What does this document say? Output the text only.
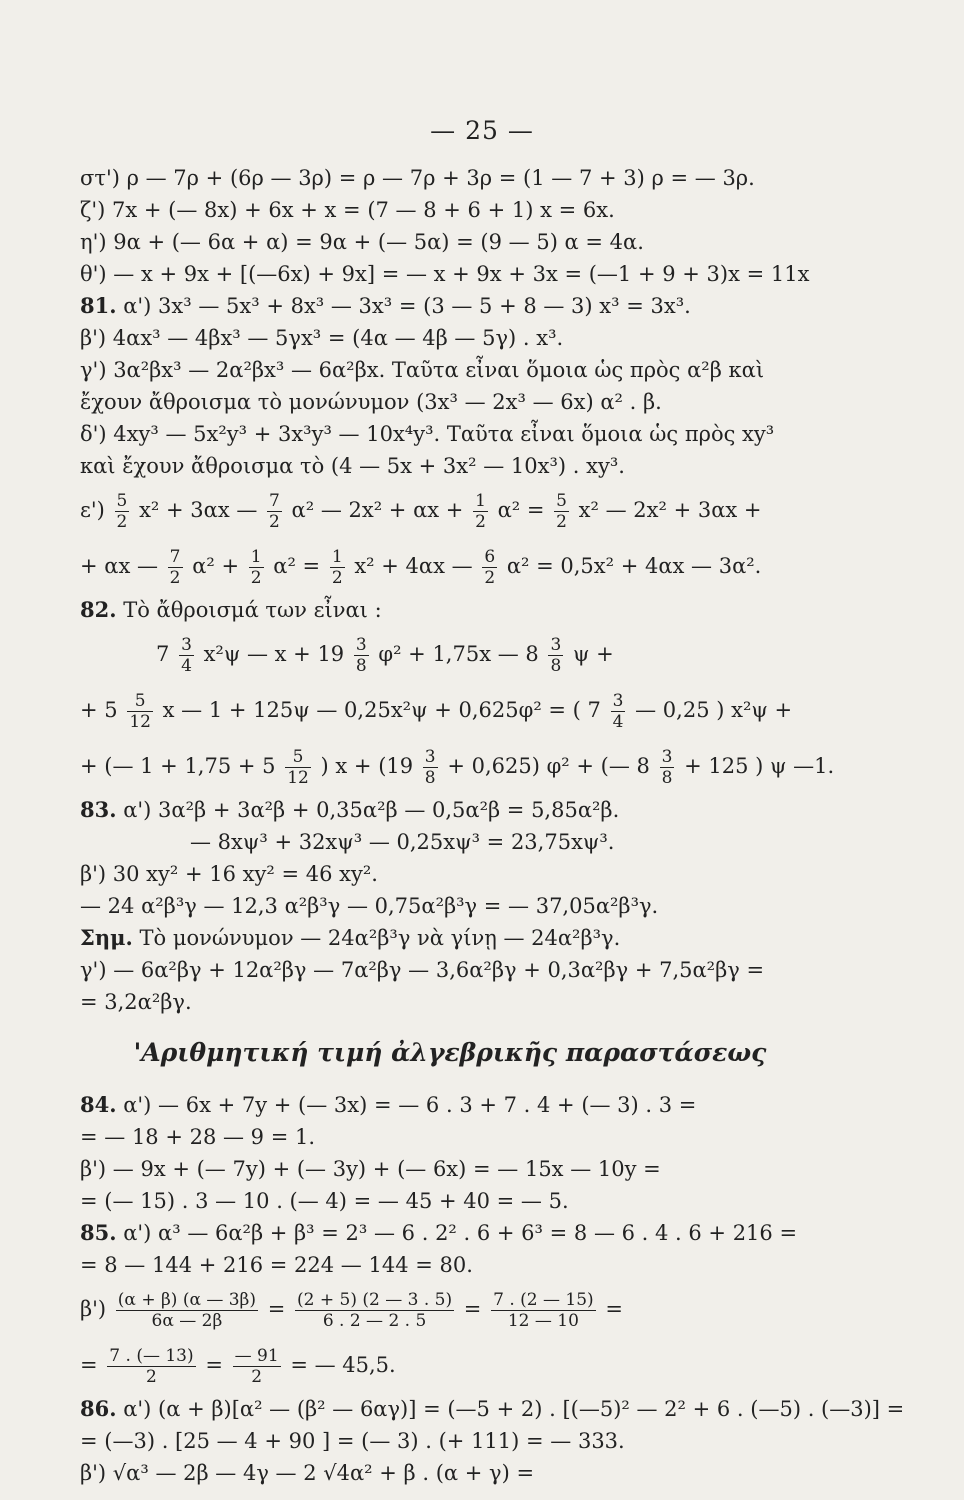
— 25 —
στ') ρ — 7ρ + (6ρ — 3ρ) = ρ — 7ρ + 3ρ = (1 — 7 + 3) ρ = — 3ρ.
ζ') 7x + (— 8x) + 6x + x = (7 — 8 + 6 + 1) x = 6x.
η') 9α + (— 6α + α) = 9α + (— 5α) = (9 — 5) α = 4α.
θ') — x + 9x + [(—6x) + 9x] = — x + 9x + 3x = (—1 + 9 + 3)x = 11x
81. α') 3x³ — 5x³ + 8x³ — 3x³ = (3 — 5 + 8 — 3) x³ = 3x³.
β') 4αx³ — 4βx³ — 5γx³ = (4α — 4β — 5γ) . x³.
γ') 3α²βx³ — 2α²βx³ — 6α²βx. Ταῦτα εἶναι ὅμοια ὡς πρὸς α²β καὶ
ἔχουν ἄθροισμα τὸ μονώνυμον (3x³ — 2x³ — 6x) α² . β.
δ') 4xy³ — 5x²y³ + 3x³y³ — 10x⁴y³. Ταῦτα εἶναι ὅμοια ὡς πρὸς xy³
καὶ ἔχουν ἄθροισμα τὸ (4 — 5x + 3x² — 10x³) . xy³.
$\varepsilon') \frac{5}{2} x^2 + 3\alpha x$ — $\frac{7}{2} \alpha^2$ — $2x^2 + \alpha x + \frac{1}{2} \alpha^2 = \frac{5}{2} x^2$ — 2x² + 3αx +
+ αx — $\frac{7}{2} \alpha^2 + \frac{1}{2} \alpha^2 = \frac{1}{2} x^2 + 4\alpha x$ — $\frac{6}{2} \alpha^2 = 0,5x^2 + 4\alpha x$ — 3α².
82. Τὸ ἄθροισμά των εἶναι :
$7 \frac{3}{4} x^2\psi$ — $x + 19 \frac{3}{8} \varphi^2 + 1,75x$ — $8 \frac{3}{8}$ ψ +
+ $5 \frac{5}{12}$ x — 1 + 125ψ — 0,25x²ψ + 0,625φ² = ( $7 \frac{3}{4}$ — 0,25 ) x²ψ +
+ (— $1 + 1,75 + 5 \frac{5}{12}$ ) $x + (19 \frac{3}{8} + 0,625)$ φ² + (— $8 \frac{3}{8} + 125$ ) ψ —1.
83. α') 3α²β + 3α²β + 0,35α²β — 0,5α²β = 5,85α²β.
— 8xψ³ + 32xψ³ — 0,25xψ³ = 23,75xψ³.
β') 30 xy² + 16 xy² = 46 xy².
— 24 α²β³γ — 12,3 α²β³γ — 0,75α²β³γ = — 37,05α²β³γ.
Σημ. Τὸ μονώνυμον — 24α²β³γ νὰ γίνῃ — 24α²β³γ.
γ') — 6α²βγ + 12α²βγ — 7α²βγ — 3,6α²βγ + 0,3α²βγ + 7,5α²βγ =
= 3,2α²βγ.
'Αριθμητική τιμή ἀλγεβρικῆς παραστάσεως
84. α') — 6x + 7y + (— 3x) = — 6 . 3 + 7 . 4 + (— 3) . 3 =
= — 18 + 28 — 9 = 1.
β') — 9x + (— 7y) + (— 3y) + (— 6x) = — 15x — 10y =
= (— 15) . 3 — 10 . (— 4) = — 45 + 40 = — 5.
85. α') α³ — 6α²β + β³ = 2³ — 6 . 2² . 6 + 6³ = 8 — 6 . 4 . 6 + 216 =
= 8 — 144 + 216 = 224 — 144 = 80.
$\beta') \frac{(\alpha + \beta) (\alpha — 3\beta)}{6\alpha — 2\beta} = \frac{(2 + 5) (2 — 3 . 5)}{6 . 2 — 2 . 5} = \frac{7 . (2 — 15)}{12 — 10}$ =
= $\frac{7 . (— 13)}{2} = \frac{— 91}{2}$ = — 45,5.
86. α') (α + β)[α² — (β² — 6αγ)] = (—5 + 2) . [(—5)² — 2² + 6 . (—5) . (—3)] =
= (—3) . [25 — 4 + 90 ] = (— 3) . (+ 111) = — 333.
β') √α³ — 2β — 4γ — 2 √4α² + β . (α + γ) =
